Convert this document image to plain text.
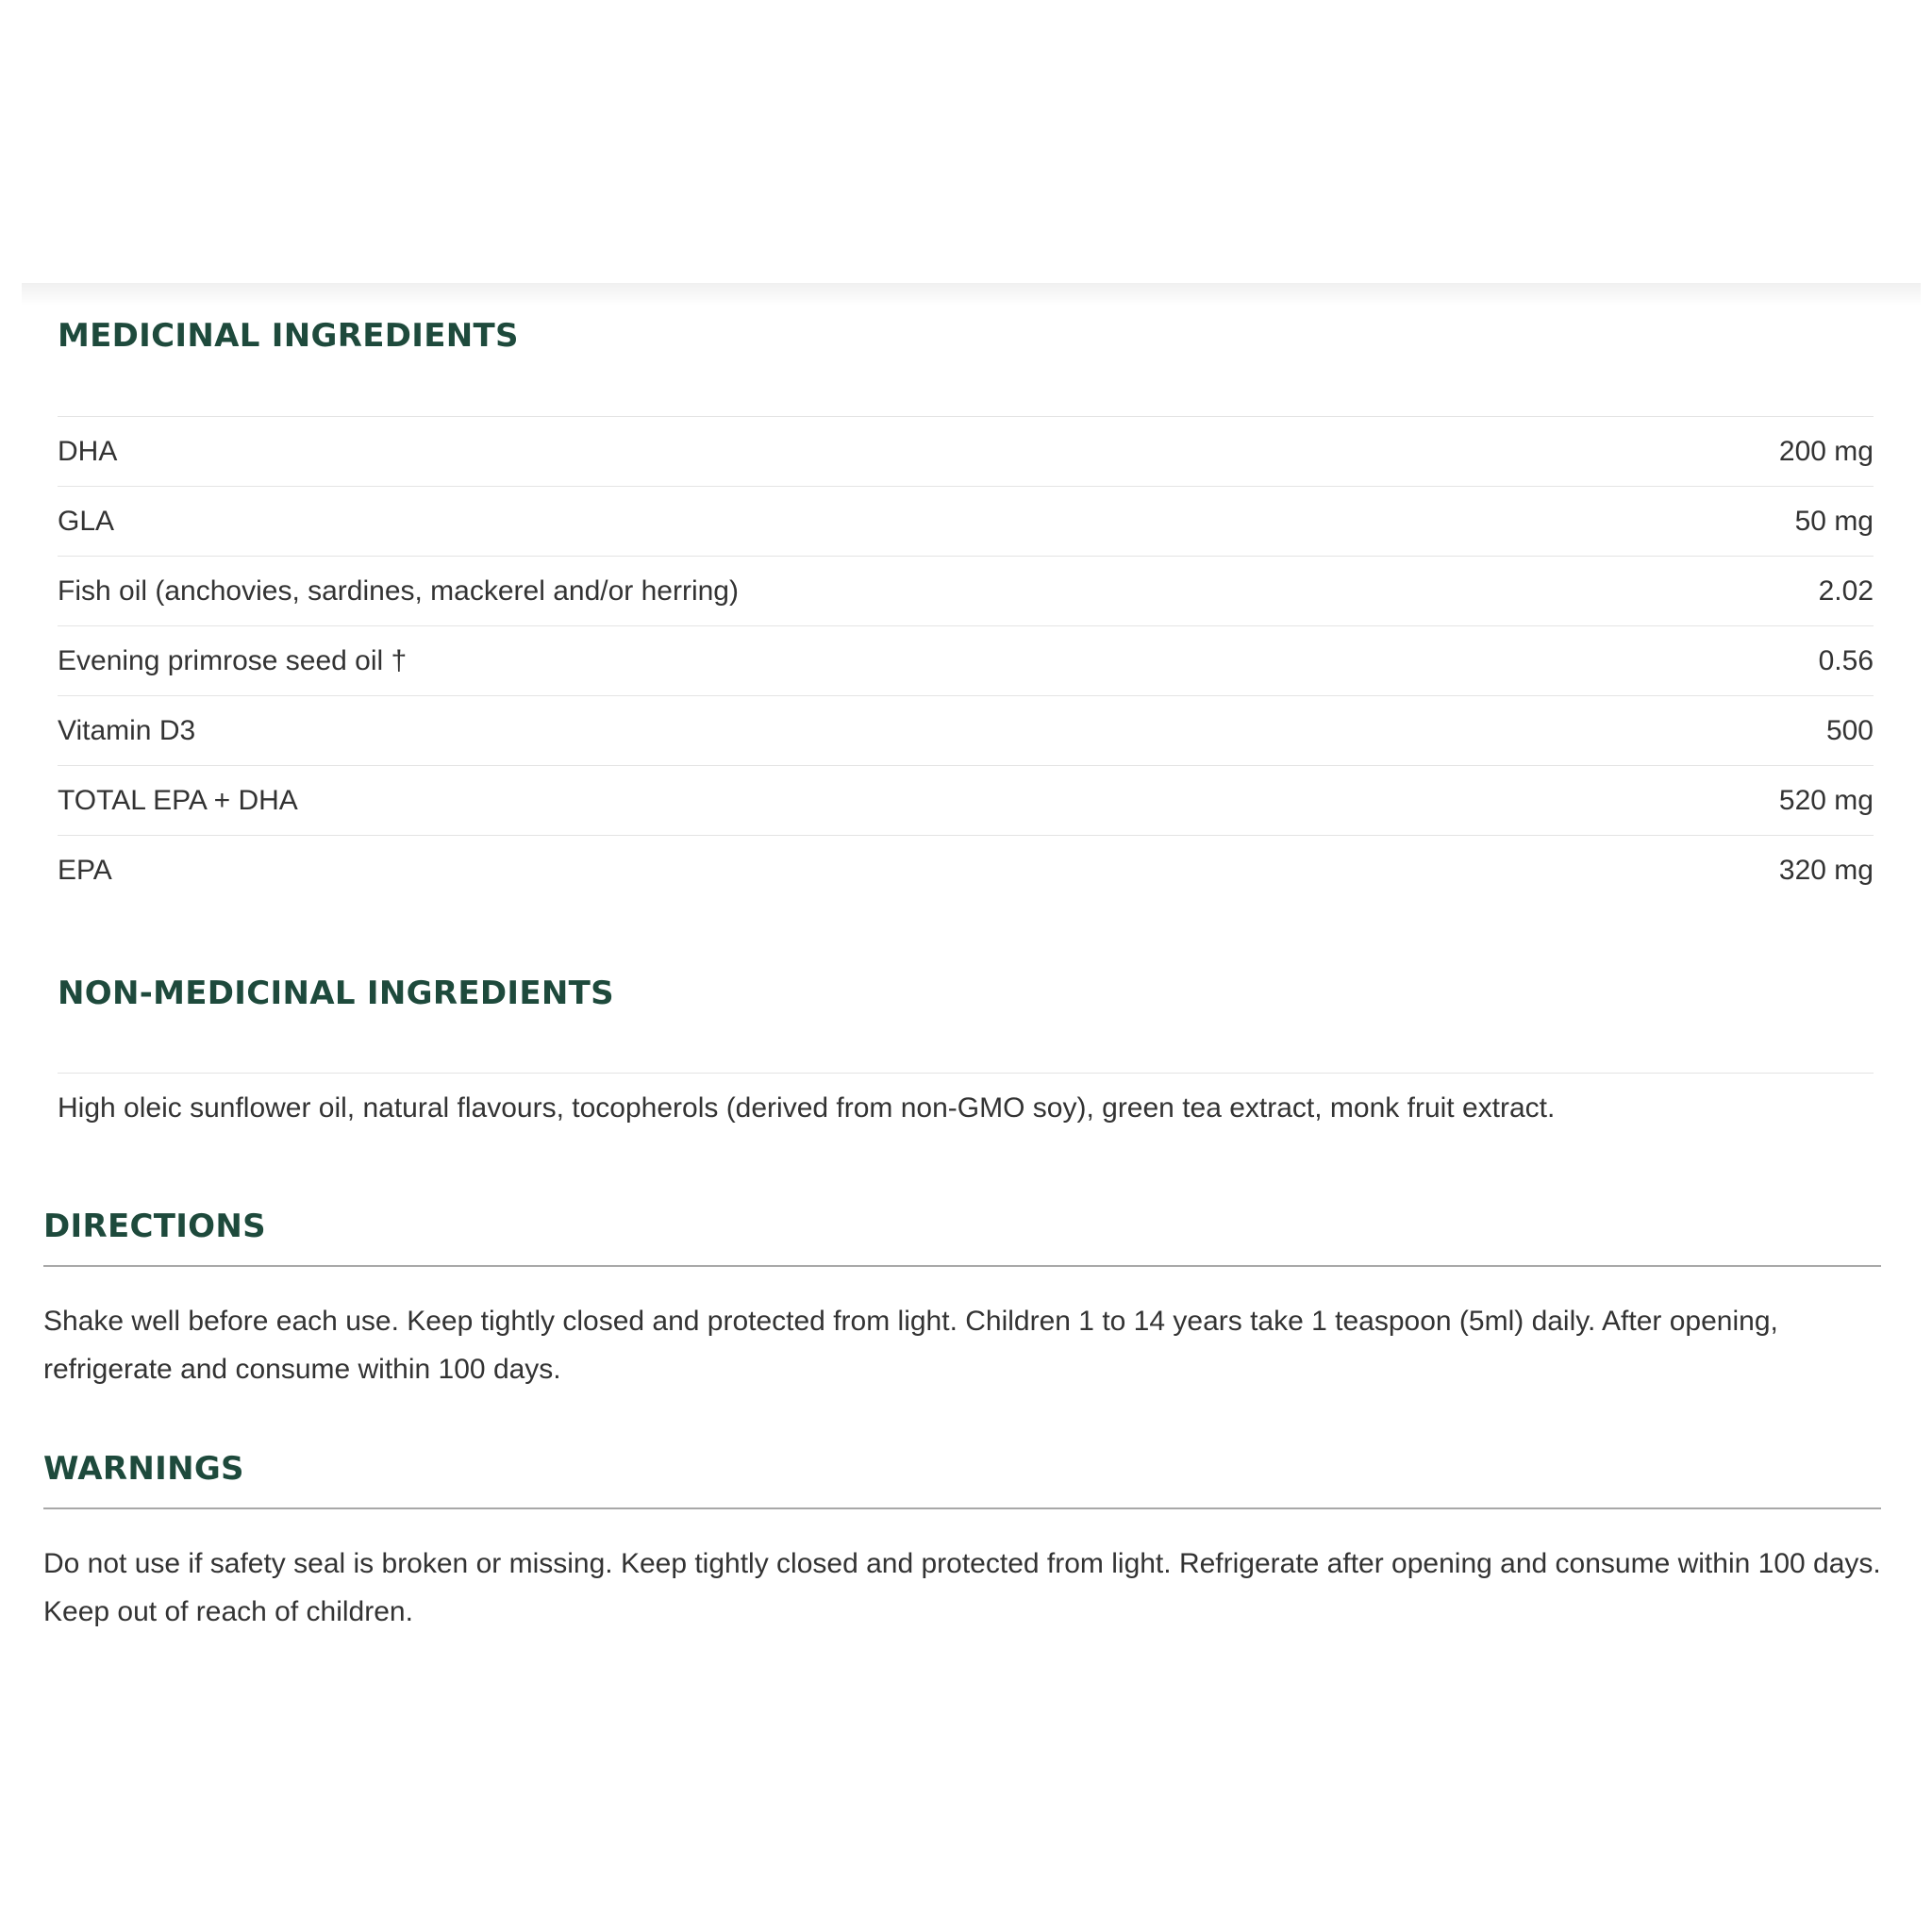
MEDICINAL INGREDIENTS
DHA	200 mg
GLA	50 mg
Fish oil (anchovies, sardines, mackerel and/or herring)	2.02
Evening primrose seed oil †	0.56
Vitamin D3	500
TOTAL EPA + DHA	520 mg
EPA	320 mg
NON-MEDICINAL INGREDIENTS

High oleic sunflower oil, natural flavours, tocopherols (derived from non-GMO soy), green tea extract, monk fruit extract.

DIRECTIONS

Shake well before each use. Keep tightly closed and protected from light. Children 1 to 14 years take 1 teaspoon (5ml) daily. After opening, refrigerate and consume within 100 days.

WARNINGS

Do not use if safety seal is broken or missing. Keep tightly closed and protected from light. Refrigerate after opening and consume within 100 days. Keep out of reach of children.
